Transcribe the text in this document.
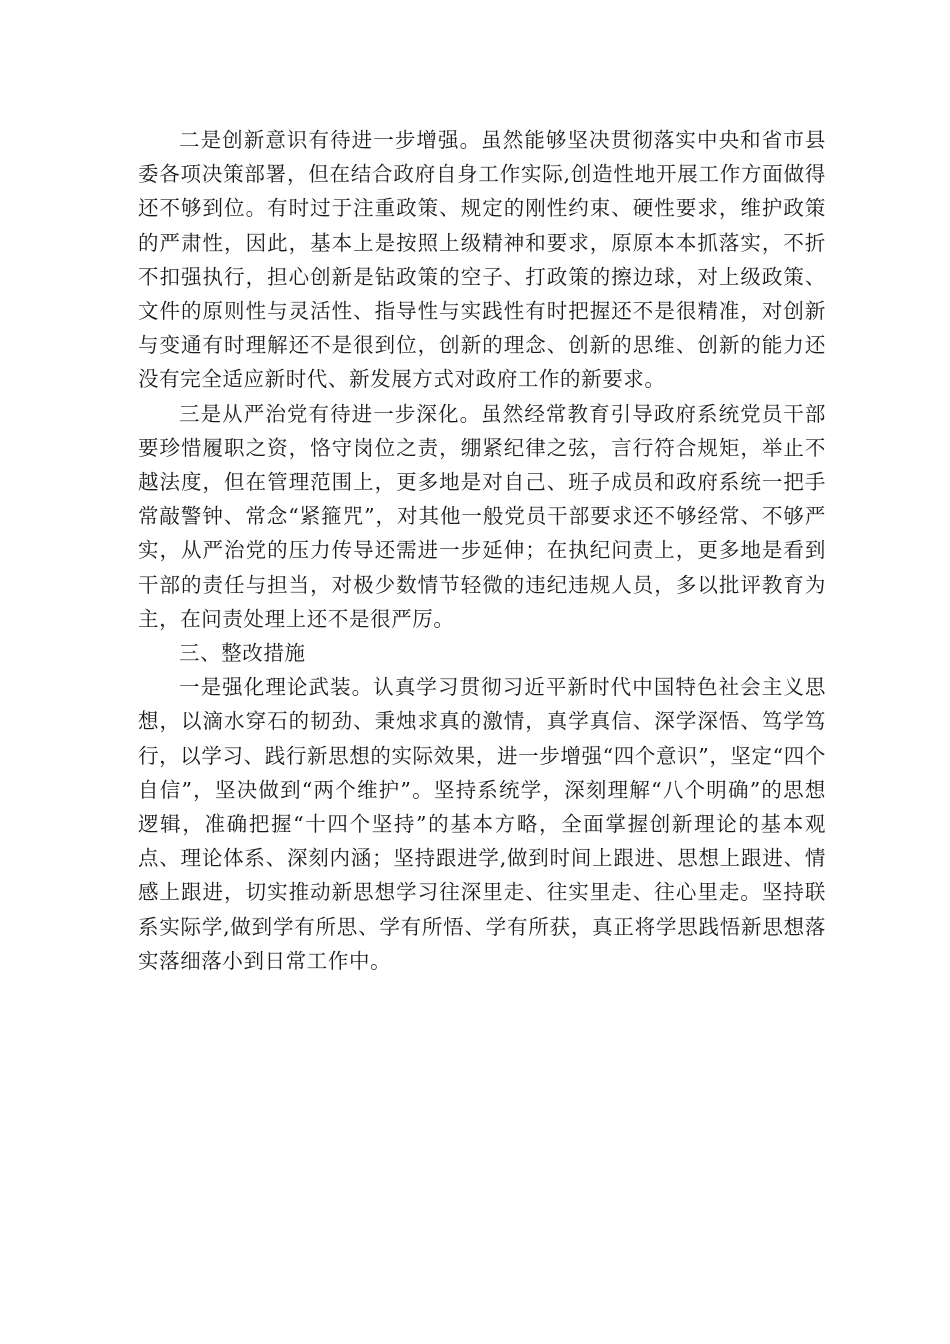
二是创新意识有待进一步增强。虽然能够坚决贯彻落实中央和省市县委各项决策部署，但在结合政府自身工作实际,创造性地开展工作方面做得还不够到位。有时过于注重政策、规定的刚性约束、硬性要求，维护政策的严肃性，因此，基本上是按照上级精神和要求，原原本本抓落实，不折不扣强执行，担心创新是钻政策的空子、打政策的擦边球，对上级政策、文件的原则性与灵活性、指导性与实践性有时把握还不是很精准，对创新与变通有时理解还不是很到位，创新的理念、创新的思维、创新的能力还没有完全适应新时代、新发展方式对政府工作的新要求。

三是从严治党有待进一步深化。虽然经常教育引导政府系统党员干部要珍惜履职之资，恪守岗位之责，绷紧纪律之弦，言行符合规矩，举止不越法度，但在管理范围上，更多地是对自己、班子成员和政府系统一把手常敲警钟、常念“紧箍咒”，对其他一般党员干部要求还不够经常、不够严实，从严治党的压力传导还需进一步延伸；在执纪问责上，更多地是看到干部的责任与担当，对极少数情节轻微的违纪违规人员，多以批评教育为主，在问责处理上还不是很严厉。

三、整改措施

一是强化理论武装。认真学习贯彻习近平新时代中国特色社会主义思想，以滴水穿石的韧劲、秉烛求真的激情，真学真信、深学深悟、笃学笃行，以学习、践行新思想的实际效果，进一步增强“四个意识”，坚定“四个自信”，坚决做到“两个维护”。坚持系统学，深刻理解“八个明确”的思想逻辑，准确把握“十四个坚持”的基本方略，全面掌握创新理论的基本观点、理论体系、深刻内涵；坚持跟进学,做到时间上跟进、思想上跟进、情感上跟进，切实推动新思想学习往深里走、往实里走、往心里走。坚持联系实际学,做到学有所思、学有所悟、学有所获，真正将学思践悟新思想落实落细落小到日常工作中。
